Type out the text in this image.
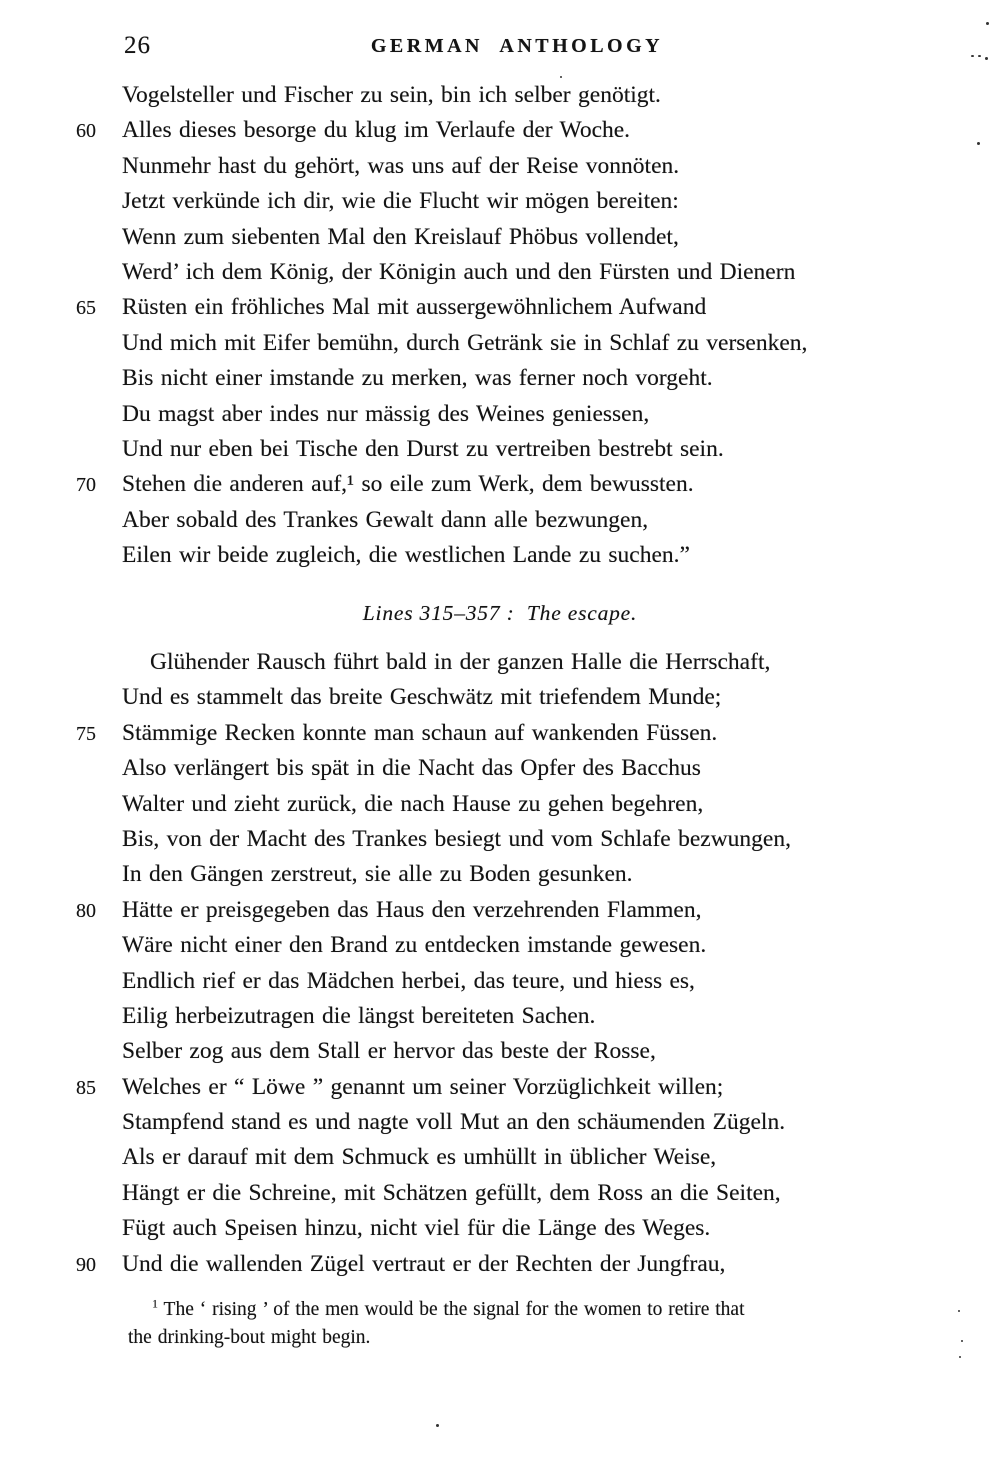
26	GERMAN ANTHOLOGY
Vogelsteller und Fischer zu sein, bin ich selber genötigt.
60 Alles dieses besorge du klug im Verlaufe der Woche.
Nunmehr hast du gehört, was uns auf der Reise vonnöten.
Jetzt verkünde ich dir, wie die Flucht wir mögen bereiten:
Wenn zum siebenten Mal den Kreislauf Phöbus vollendet,
Werd’ ich dem König, der Königin auch und den Fürsten und Dienern
65 Rüsten ein fröhliches Mal mit aussergewöhnlichem Aufwand
Und mich mit Eifer bemühn, durch Getränk sie in Schlaf zu versenken,
Bis nicht einer imstande zu merken, was ferner noch vorgeht.
Du magst aber indes nur mässig des Weines geniessen,
Und nur eben bei Tische den Durst zu vertreiben bestrebt sein.
70 Stehen die anderen auf,¹ so eile zum Werk, dem bewussten.
Aber sobald des Trankes Gewalt dann alle bezwungen,
Eilen wir beide zugleich, die westlichen Lande zu suchen.”
Lines 315–357 :  The escape.
Glühender Rausch führt bald in der ganzen Halle die Herrschaft,
Und es stammelt das breite Geschwätz mit triefendem Munde;
75 Stämmige Recken konnte man schaun auf wankenden Füssen.
Also verlängert bis spät in die Nacht das Opfer des Bacchus
Walter und zieht zurück, die nach Hause zu gehen begehren,
Bis, von der Macht des Trankes besiegt und vom Schlafe bezwungen,
In den Gängen zerstreut, sie alle zu Boden gesunken.
80 Hätte er preisgegeben das Haus den verzehrenden Flammen,
Wäre nicht einer den Brand zu entdecken imstande gewesen.
Endlich rief er das Mädchen herbei, das teure, und hiess es,
Eilig herbeizutragen die längst bereiteten Sachen.
Selber zog aus dem Stall er hervor das beste der Rosse,
85 Welches er “ Löwe ” genannt um seiner Vorzüglichkeit willen;
Stampfend stand es und nagte voll Mut an den schäumenden Zügeln.
Als er darauf mit dem Schmuck es umhüllt in üblicher Weise,
Hängt er die Schreine, mit Schätzen gefüllt, dem Ross an die Seiten,
Fügt auch Speisen hinzu, nicht viel für die Länge des Weges.
90 Und die wallenden Zügel vertraut er der Rechten der Jungfrau,
$^1$ The ‘ rising ’ of the men would be the signal for the women to retire that
the drinking-bout might begin.
